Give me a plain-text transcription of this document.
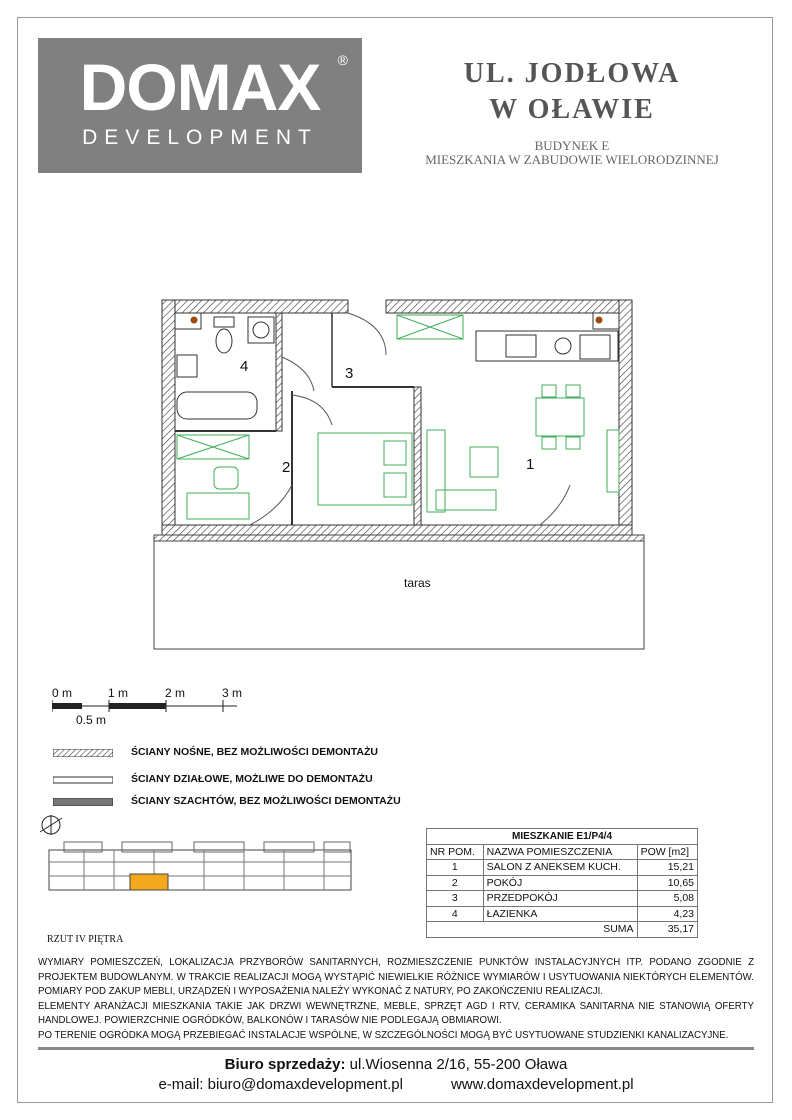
DOMAX	®
DEVELOPMENT
UL. JODŁOWA
W OŁAWIE
BUDYNEK E
MIESZKANIA W ZABUDOWIE WIELORODZINNEJ
1
2
3
4
taras
0 m	1 m	2 m	3 m
0.5 m
ŚCIANY NOŚNE, BEZ MOŻLIWOŚCI DEMONTAŻU
ŚCIANY DZIAŁOWE, MOŻLIWE DO DEMONTAŻU
ŚCIANY SZACHTÓW, BEZ MOŻLIWOŚCI DEMONTAŻU
RZUT IV PIĘTRA
MIESZKANIE E1/P4/4		
NR POM.	NAZWA POMIESZCZENIA	POW [m2]
1	SALON Z ANEKSEM KUCH.	15,21
2	POKÓJ	10,65
3	PRZEDPOKÓJ	5,08
4	ŁAZIENKA	4,23
SUMA		35,17
WYMIARY POMIESZCZEŃ, LOKALIZACJA PRZYBORÓW SANITARNYCH, ROZMIESZCZENIE PUNKTÓW INSTALACYJNYCH ITP. PODANO ZGODNIE Z PROJEKTEM BUDOWLANYM. W TRAKCIE REALIZACJI MOGĄ WYSTĄPIĆ NIEWIELKIE RÓŻNICE WYMIARÓW I USYTUOWANIA NIEKTÓRYCH ELEMENTÓW. POMIARY POD ZAKUP MEBLI, URZĄDZEŃ I WYPOSAŻENIA NALEŻY WYKONAĆ Z NATURY, PO ZAKOŃCZENIU REALIZACJI.
ELEMENTY ARANŻACJI MIESZKANIA TAKIE JAK DRZWI WEWNĘTRZNE, MEBLE, SPRZĘT AGD I RTV, CERAMIKA SANITARNA NIE STANOWIĄ OFERTY HANDLOWEJ. POWIERZCHNIE OGRÓDKÓW, BALKONÓW I TARASÓW NIE PODLEGAJĄ OBMIAROWI.
PO TERENIE OGRÓDKA MOGĄ PRZEBIEGAĆ INSTALACJE WSPÓLNE, W SZCZEGÓLNOŚCI MOGĄ BYĆ USYTUOWANE STUDZIENKI KANALIZACYJNE.
Biuro sprzedaży: ul.Wiosenna 2/16, 55-200 Oława
e-mail: biuro@domaxdevelopment.pl	www.domaxdevelopment.pl
